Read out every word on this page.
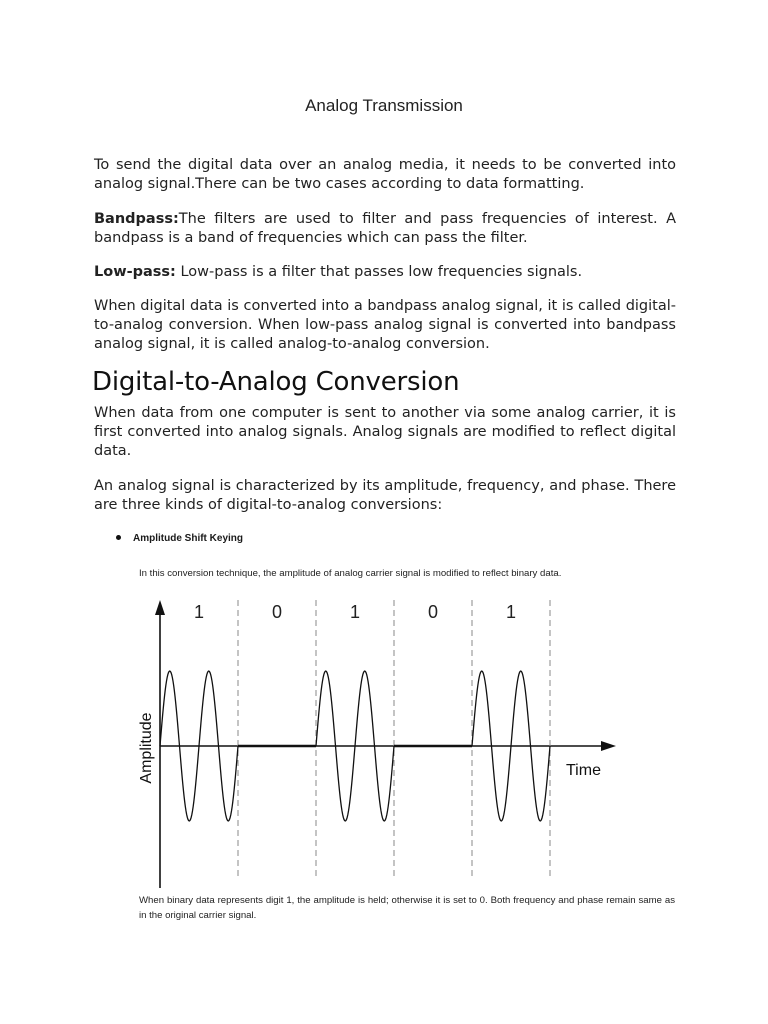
Analog Transmission
To send the digital data over an analog media, it needs to be converted into analog signal.There can be two cases according to data formatting.
Bandpass:The filters are used to filter and pass frequencies of interest. A bandpass is a band of frequencies which can pass the filter.
Low-pass: Low-pass is a filter that passes low frequencies signals.
When digital data is converted into a bandpass analog signal, it is called digital-to-analog conversion. When low-pass analog signal is converted into bandpass analog signal, it is called analog-to-analog conversion.
Digital-to-Analog Conversion
When data from one computer is sent to another via some analog carrier, it is first converted into analog signals. Analog signals are modified to reflect digital data.
An analog signal is characterized by its amplitude, frequency, and phase. There are three kinds of digital-to-analog conversions:
Amplitude Shift Keying
In this conversion technique, the amplitude of analog carrier signal is modified to reflect binary data.
1	0	1	0	1
Amplitude	Time
When binary data represents digit 1, the amplitude is held; otherwise it is set to 0. Both frequency and phase remain same as in the original carrier signal.
